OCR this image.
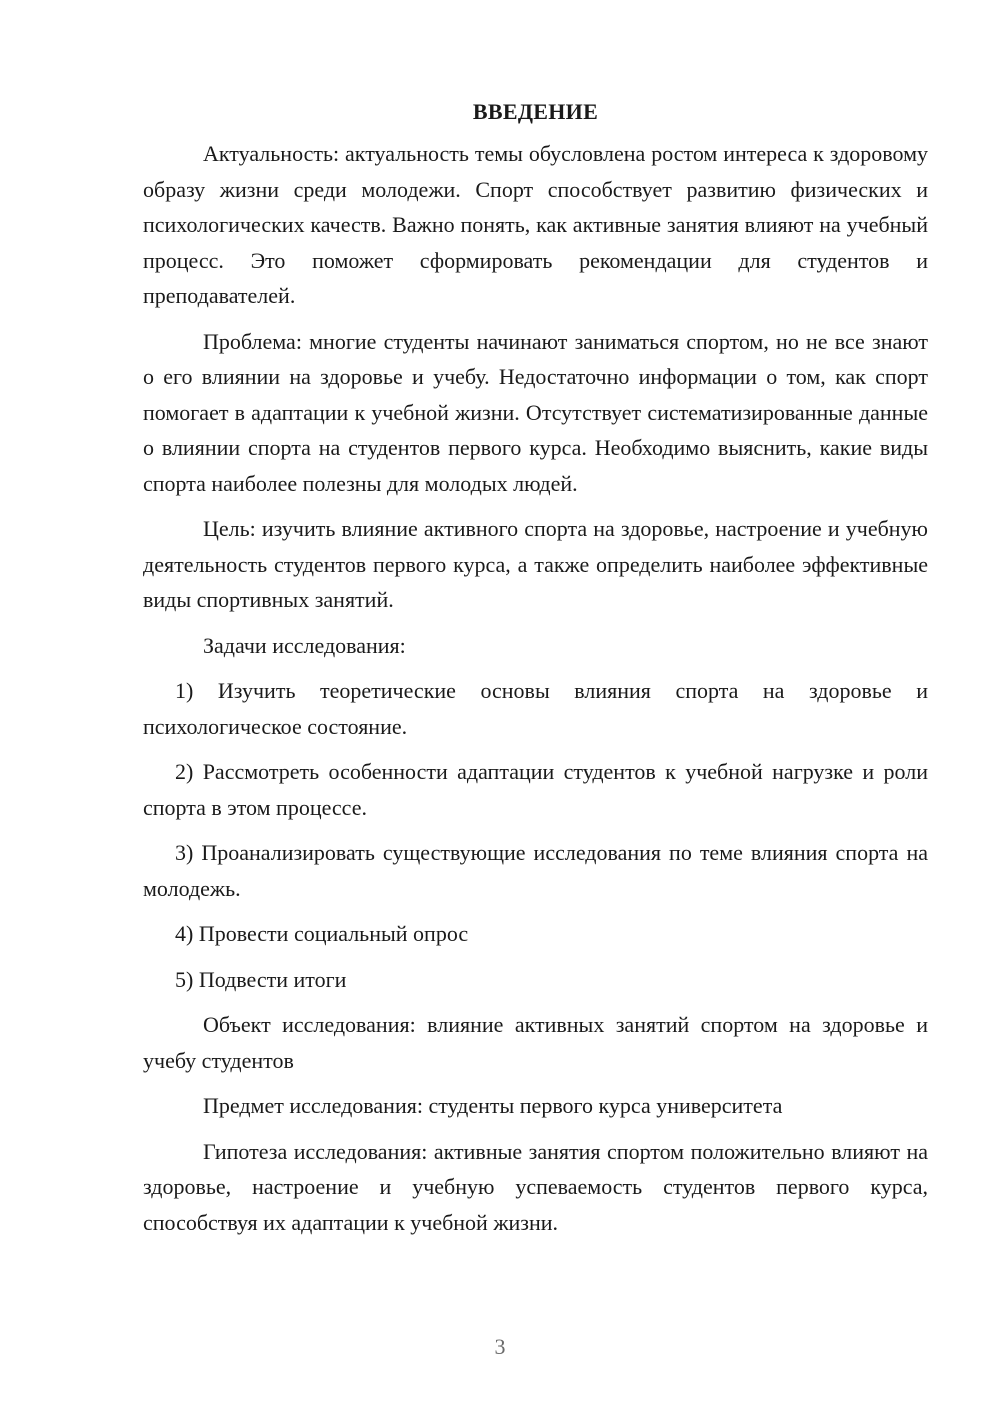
ВВЕДЕНИЕ

Актуальность: актуальность темы обусловлена ростом интереса к здоровому образу жизни среди молодежи. Спорт способствует развитию физических и психологических качеств. Важно понять, как активные занятия влияют на учебный процесс. Это поможет сформировать рекомендации для студентов и преподавателей.

Проблема: многие студенты начинают заниматься спортом, но не все знают о его влиянии на здоровье и учебу. Недостаточно информации о том, как спорт помогает в адаптации к учебной жизни. Отсутствует систематизированные данные о влиянии спорта на студентов первого курса. Необходимо выяснить, какие виды спорта наиболее полезны для молодых людей.

Цель: изучить влияние активного спорта на здоровье, настроение и учебную деятельность студентов первого курса, а также определить наиболее эффективные виды спортивных занятий.

Задачи исследования:

1) Изучить теоретические основы влияния спорта на здоровье и психологическое состояние.

2) Рассмотреть особенности адаптации студентов к учебной нагрузке и роли спорта в этом процессе.

3) Проанализировать существующие исследования по теме влияния спорта на молодежь.

4) Провести социальный опрос

5) Подвести итоги

Объект исследования: влияние активных занятий спортом на здоровье и учебу студентов

Предмет исследования: студенты первого курса университета

Гипотеза исследования: активные занятия спортом положительно влияют на здоровье, настроение и учебную успеваемость студентов первого курса, способствуя их адаптации к учебной жизни.

3
